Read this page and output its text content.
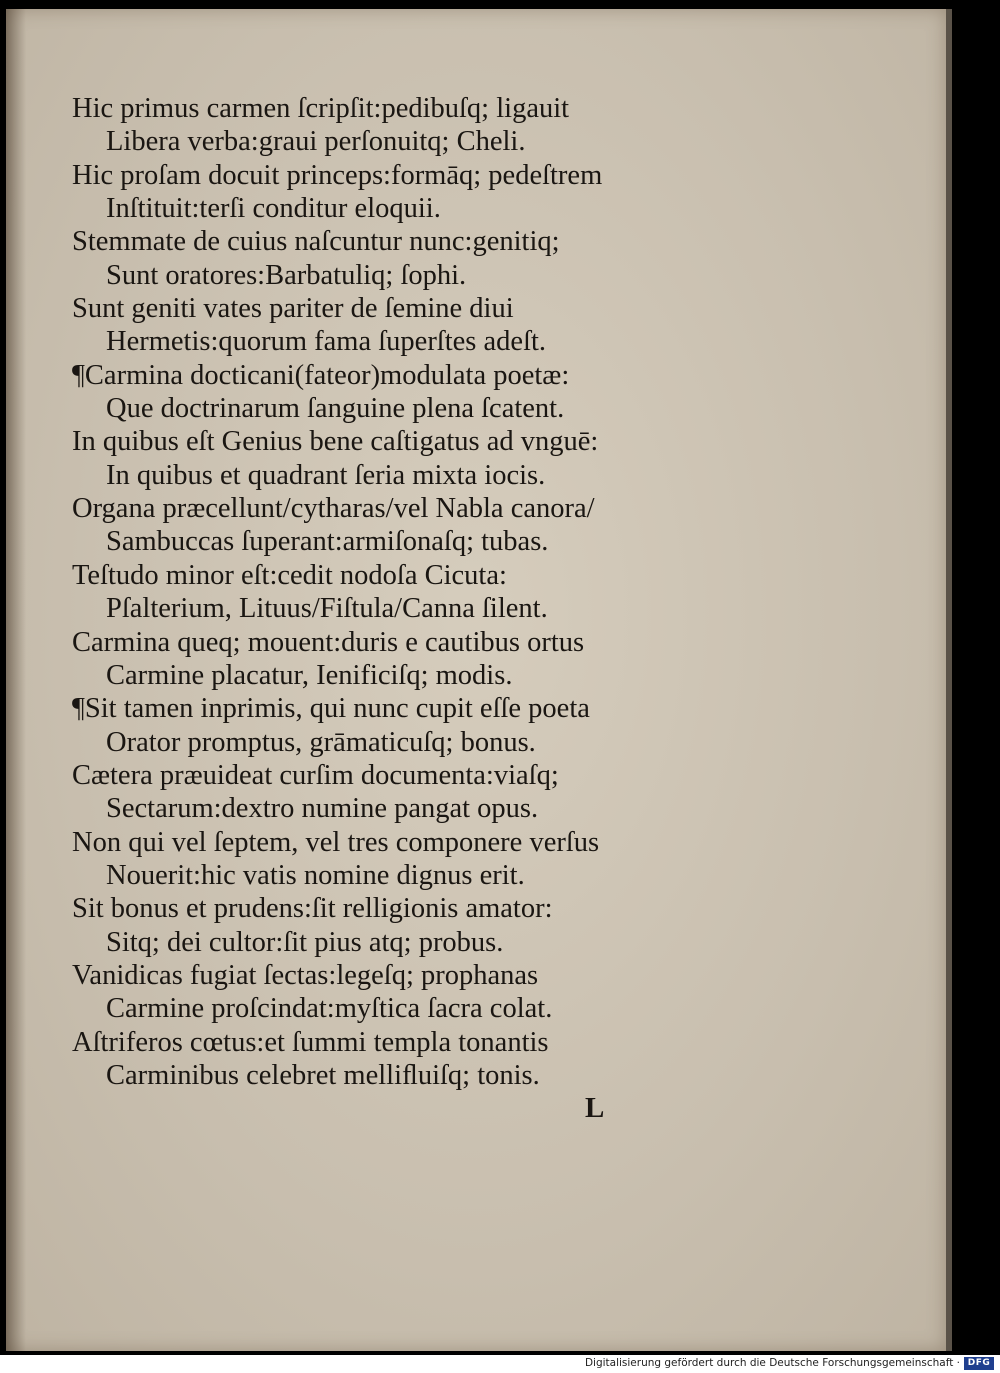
Hic primus carmen ſcripſit:pedibuſq; ligauit

Libera verba:graui perſonuitq; Cheli.

Hic proſam docuit princeps:formāq; pedeſtrem

Inſtituit:terſi conditur eloquii.

Stemmate de cuius naſcuntur nunc:genitiq;

Sunt oratores:Barbatuliq; ſophi.

Sunt geniti vates pariter de ſemine diui

Hermetis:quorum fama ſuperſtes adeſt.

¶Carmina docticani(fateor)modulata poetæ:

Que doctrinarum ſanguine plena ſcatent.

In quibus eſt Genius bene caſtigatus ad vnguē:

In quibus et quadrant ſeria mixta iocis.

Organa præcellunt/cytharas/vel Nabla canora/

Sambuccas ſuperant:armiſonaſq; tubas.

Teſtudo minor eſt:cedit nodoſa Cicuta:

Pſalterium, Lituus/Fiſtula/Canna ſilent.

Carmina queq; mouent:duris e cautibus ortus

Carmine placatur, Ienificiſq; modis.

¶Sit tamen inprimis, qui nunc cupit eſſe poeta

Orator promptus, grāmaticuſq; bonus.

Cætera præuideat curſim documenta:viaſq;

Sectarum:dextro numine pangat opus.

Non qui vel ſeptem, vel tres componere verſus

Nouerit:hic vatis nomine dignus erit.

Sit bonus et prudens:ſit relligionis amator:

Sitq; dei cultor:ſit pius atq; probus.

Vanidicas fugiat ſectas:legeſq; prophanas

Carmine proſcindat:myſtica ſacra colat.

Aſtriferos cœtus:et ſummi templa tonantis

Carminibus celebret melliﬂuiſq; tonis.

L
Digitalisierung gefördert durch die Deutsche Forschungsgemeinschaft · DFG
